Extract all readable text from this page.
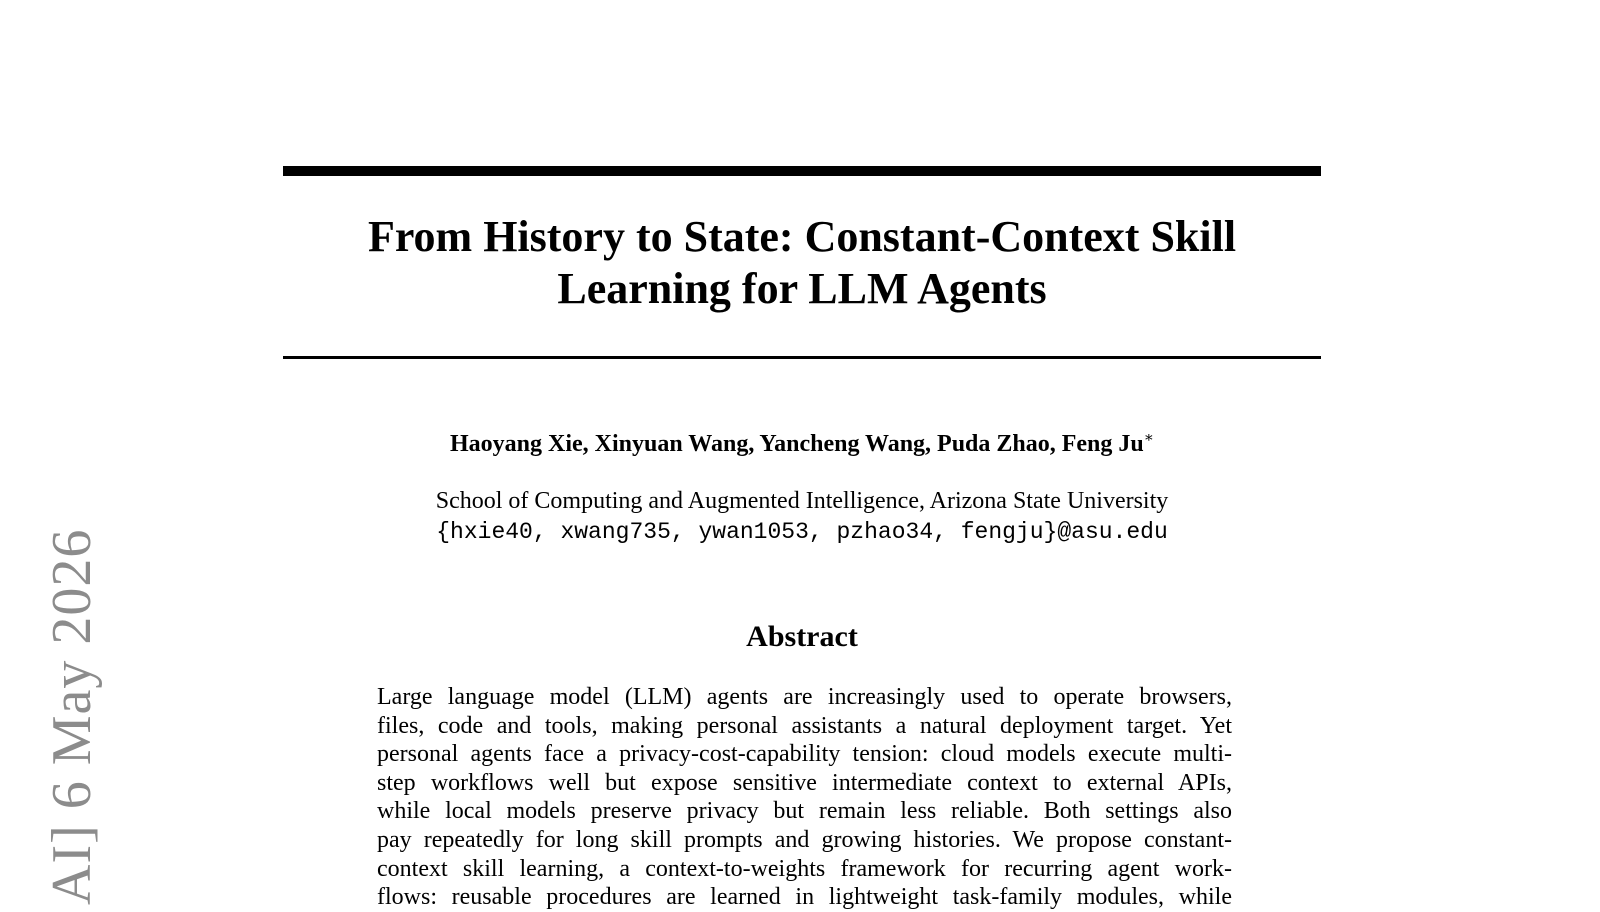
From History to State: Constant-Context Skill
Learning for LLM Agents
Haoyang Xie, Xinyuan Wang, Yancheng Wang, Puda Zhao, Feng Ju∗
School of Computing and Augmented Intelligence, Arizona State University
{hxie40, xwang735, ywan1053, pzhao34, fengju}@asu.edu
Abstract
Large language model (LLM) agents are increasingly used to operate browsers,
files, code and tools, making personal assistants a natural deployment target. Yet
personal agents face a privacy-cost-capability tension: cloud models execute multi-
step workflows well but expose sensitive intermediate context to external APIs,
while local models preserve privacy but remain less reliable. Both settings also
pay repeatedly for long skill prompts and growing histories. We propose constant-
context skill learning, a context-to-weights framework for recurring agent work-
flows: reusable procedures are learned in lightweight task-family modules, while
AI] 6 May 2026
